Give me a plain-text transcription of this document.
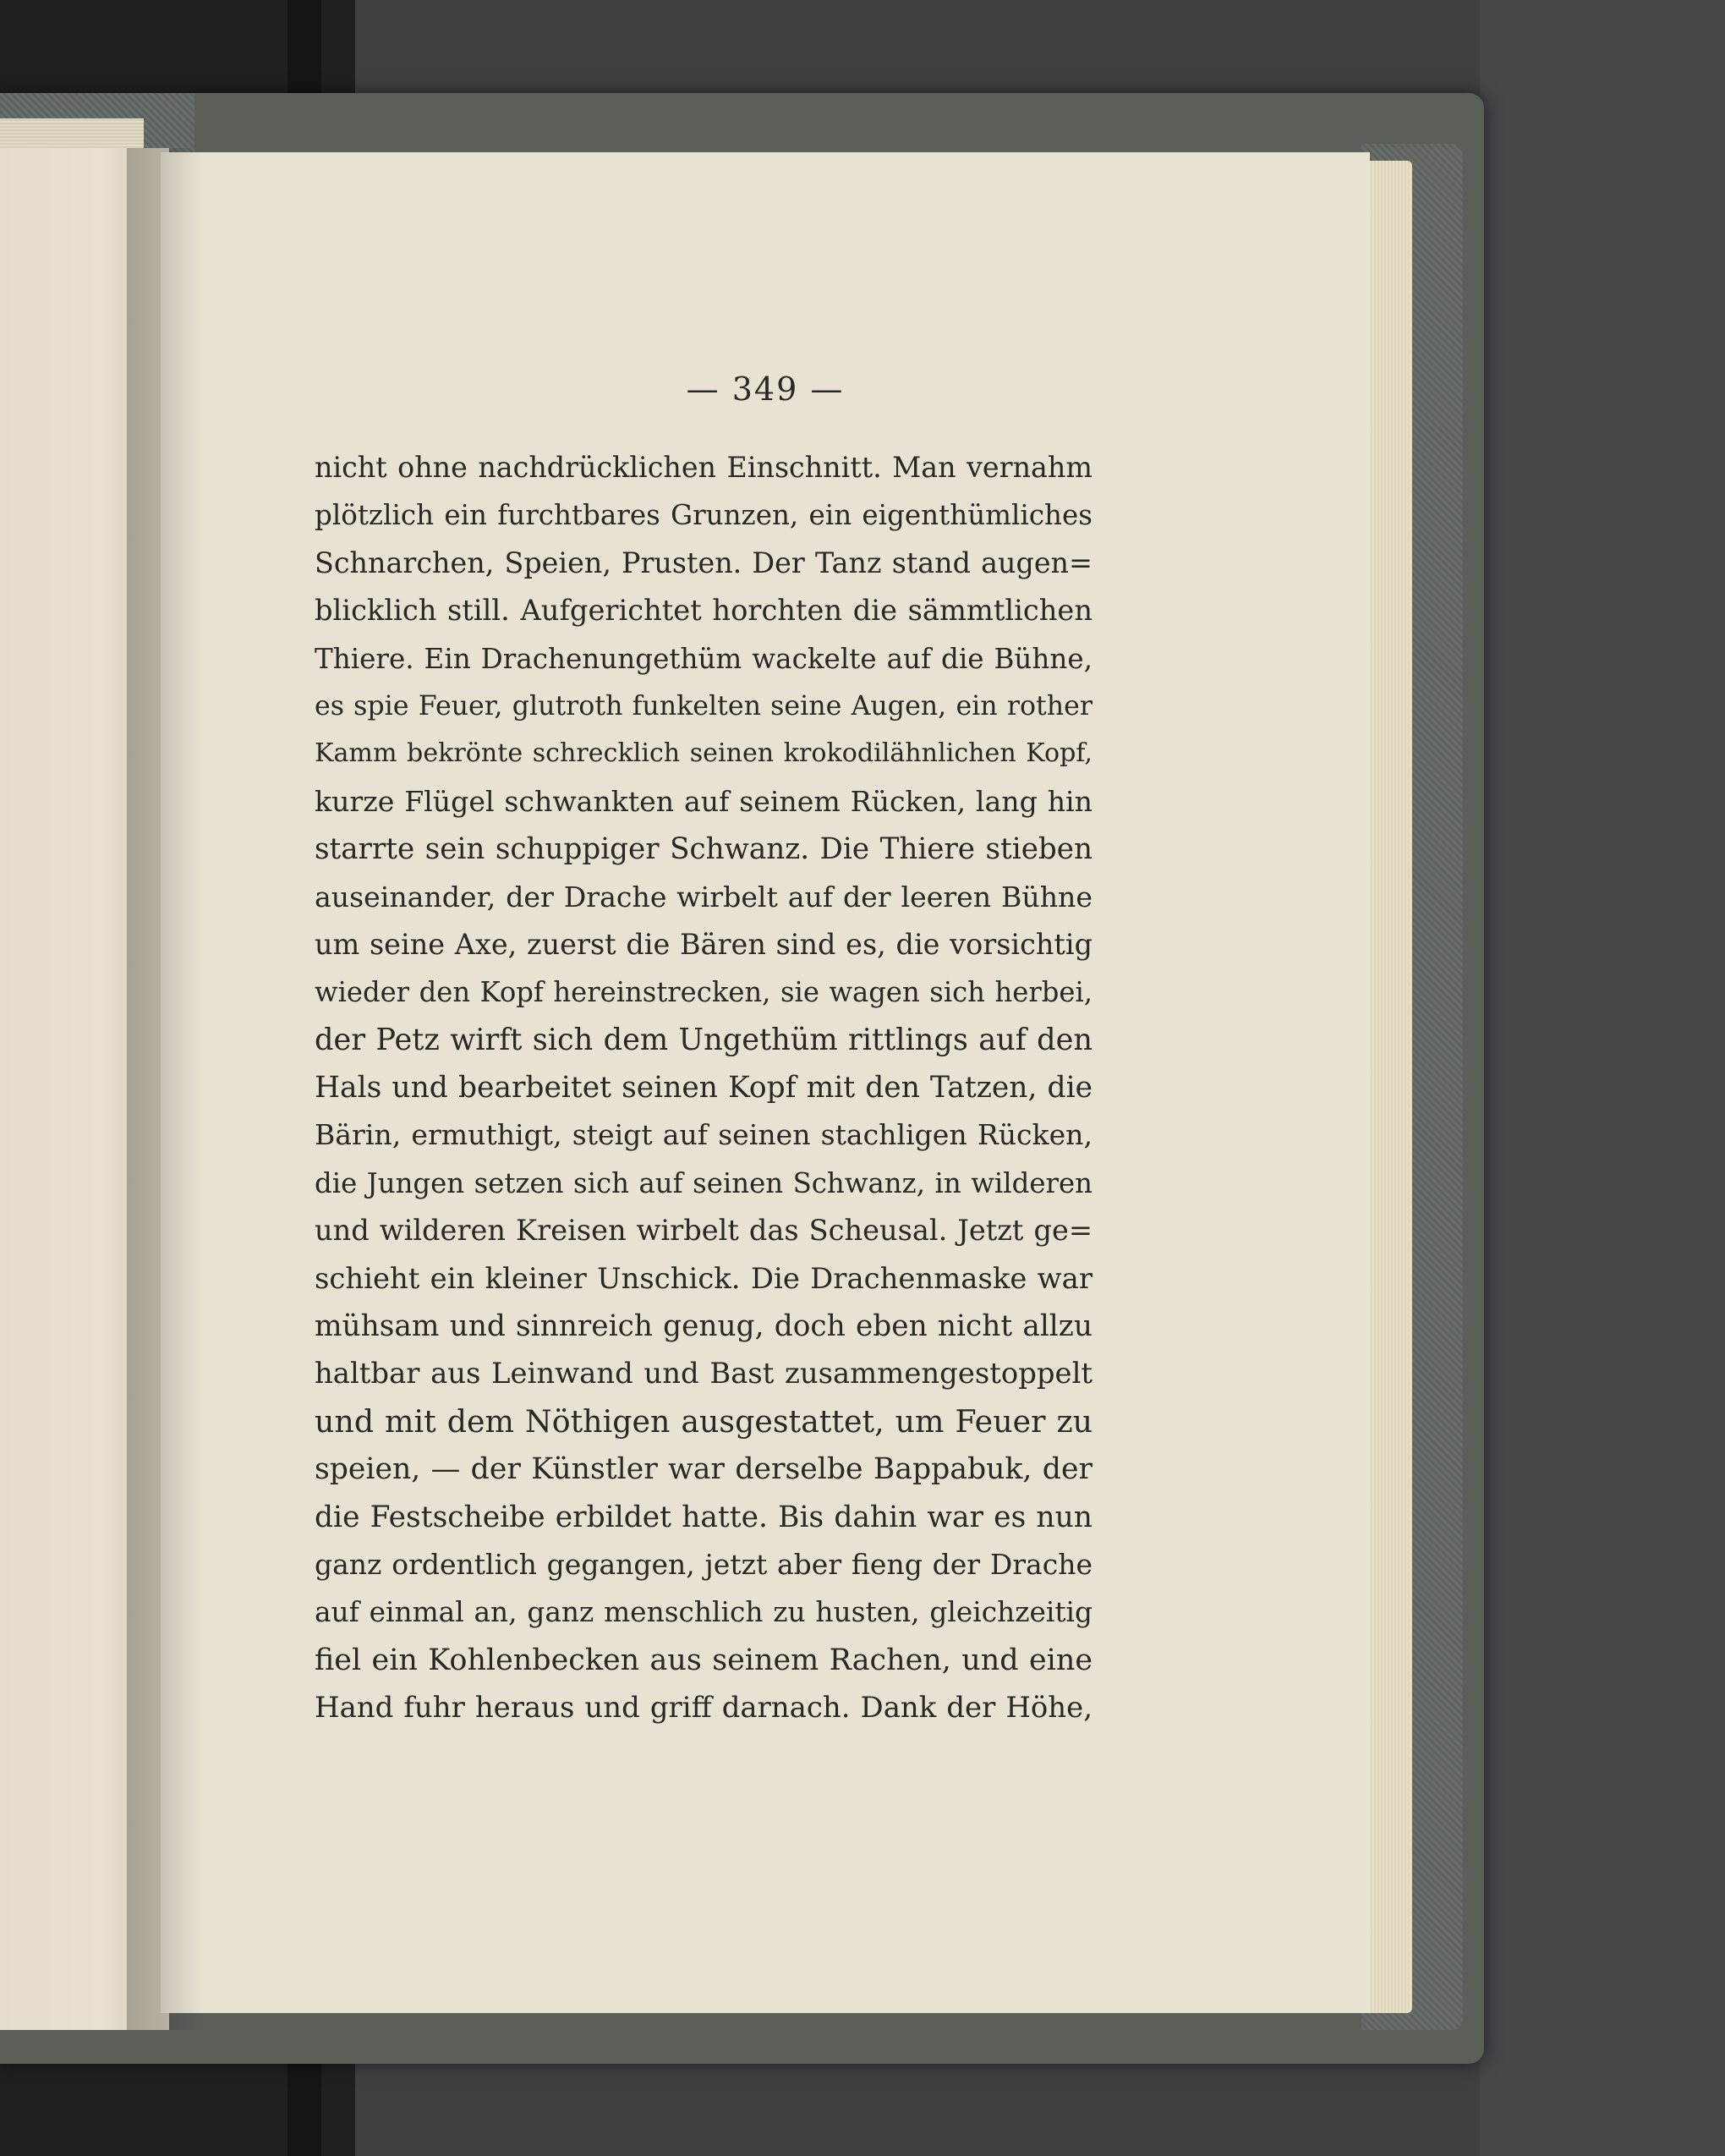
— 349 —
nicht ohne nachdrücklichen Einschnitt. Man vernahm
plötzlich ein furchtbares Grunzen, ein eigenthümliches
Schnarchen, Speien, Prusten. Der Tanz stand augen=
blicklich still. Aufgerichtet horchten die sämmtlichen
Thiere. Ein Drachenungethüm wackelte auf die Bühne,
es spie Feuer, glutroth funkelten seine Augen, ein rother
Kamm bekrönte schrecklich seinen krokodilähnlichen Kopf,
kurze Flügel schwankten auf seinem Rücken, lang hin
starrte sein schuppiger Schwanz. Die Thiere stieben
auseinander, der Drache wirbelt auf der leeren Bühne
um seine Axe, zuerst die Bären sind es, die vorsichtig
wieder den Kopf hereinstrecken, sie wagen sich herbei,
der Petz wirft sich dem Ungethüm rittlings auf den
Hals und bearbeitet seinen Kopf mit den Tatzen, die
Bärin, ermuthigt, steigt auf seinen stachligen Rücken,
die Jungen setzen sich auf seinen Schwanz, in wilderen
und wilderen Kreisen wirbelt das Scheusal. Jetzt ge=
schieht ein kleiner Unschick. Die Drachenmaske war
mühsam und sinnreich genug, doch eben nicht allzu
haltbar aus Leinwand und Bast zusammengestoppelt
und mit dem Nöthigen ausgestattet, um Feuer zu
speien, — der Künstler war derselbe Bappabuk, der
die Festscheibe erbildet hatte. Bis dahin war es nun
ganz ordentlich gegangen, jetzt aber fieng der Drache
auf einmal an, ganz menschlich zu husten, gleichzeitig
fiel ein Kohlenbecken aus seinem Rachen, und eine
Hand fuhr heraus und griff darnach. Dank der Höhe,
